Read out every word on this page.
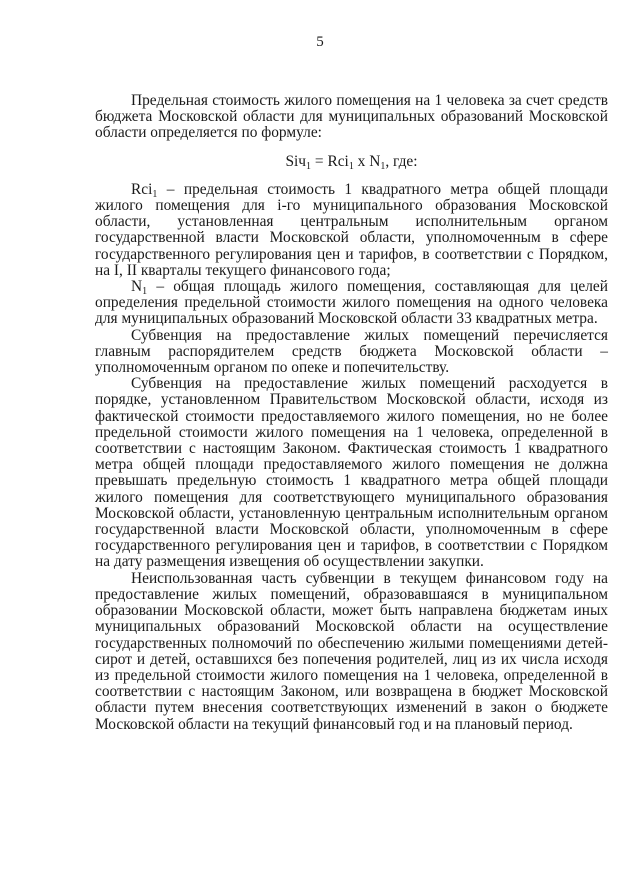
5

Предельная стоимость жилого помещения на 1 человека за счет средств бюджета Московской области для муниципальных образований Московской области определяется по формуле:

Siч$_1$ = Rci$_1$ x $N_1$, где:

Rci$_1$ – предельная стоимость 1 квадратного метра общей площади жилого помещения для i-го муниципального образования Московской области, установленная центральным исполнительным органом государственной власти Московской области, уполномоченным в сфере государственного регулирования цен и тарифов, в соответствии с Порядком, на I, II кварталы текущего финансового года;

$N_1$ – общая площадь жилого помещения, составляющая для целей определения предельной стоимости жилого помещения на одного человека для муниципальных образований Московской области 33 квадратных метра.

Субвенция на предоставление жилых помещений перечисляется главным распорядителем средств бюджета Московской области – уполномоченным органом по опеке и попечительству.

Субвенция на предоставление жилых помещений расходуется в порядке, установленном Правительством Московской области, исходя из фактической стоимости предоставляемого жилого помещения, но не более предельной стоимости жилого помещения на 1 человека, определенной в соответствии с настоящим Законом. Фактическая стоимость 1 квадратного метра общей площади предоставляемого жилого помещения не должна превышать предельную стоимость 1 квадратного метра общей площади жилого помещения для соответствующего муниципального образования Московской области, установленную центральным исполнительным органом государственной власти Московской области, уполномоченным в сфере государственного регулирования цен и тарифов, в соответствии с Порядком на дату размещения извещения об осуществлении закупки.

Неиспользованная часть субвенции в текущем финансовом году на предоставление жилых помещений, образовавшаяся в муниципальном образовании Московской области, может быть направлена бюджетам иных муниципальных образований Московской области на осуществление государственных полномочий по обеспечению жилыми помещениями детей-сирот и детей, оставшихся без попечения родителей, лиц из их числа исходя из предельной стоимости жилого помещения на 1 человека, определенной в соответствии с настоящим Законом, или возвращена в бюджет Московской области путем внесения соответствующих изменений в закон о бюджете Московской области на текущий финансовый год и на плановый период.
